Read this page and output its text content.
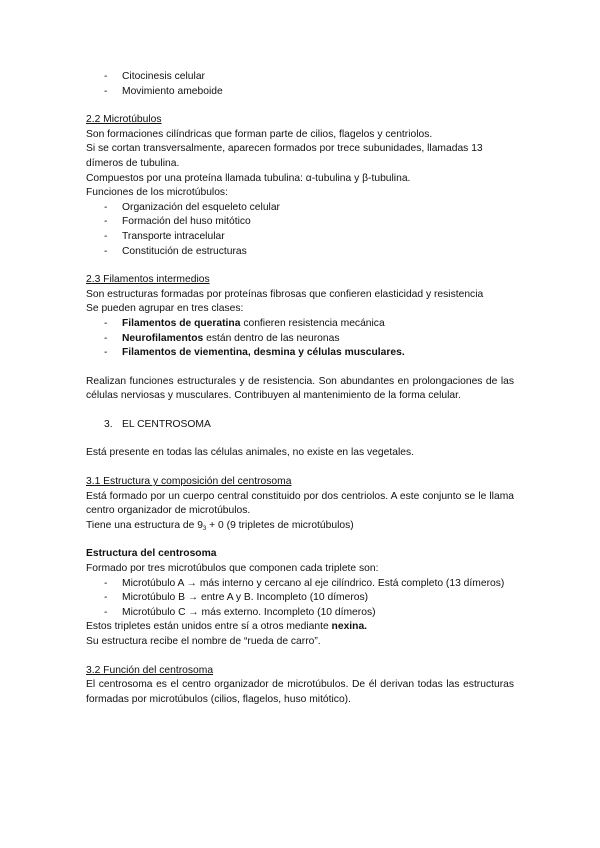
- Citocinesis celular
- Movimiento ameboide

2.2 Microtúbulos

Son formaciones cilíndricas que forman parte de cilios, flagelos y centriolos.

Si se cortan transversalmente, aparecen formados por trece subunidades, llamadas 13 dímeros de tubulina.

Compuestos por una proteína llamada tubulina: α-tubulina y β-tubulina.

Funciones de los microtúbulos:

- Organización del esqueleto celular
- Formación del huso mitótico
- Transporte intracelular
- Constitución de estructuras

2.3 Filamentos intermedios

Son estructuras formadas por proteínas fibrosas que confieren elasticidad y resistencia

Se pueden agrupar en tres clases:

- Filamentos de queratina confieren resistencia mecánica
- Neurofilamentos están dentro de las neuronas
- Filamentos de viementina, desmina y células musculares.

Realizan funciones estructurales y de resistencia. Son abundantes en prolongaciones de las células nerviosas y musculares. Contribuyen al mantenimiento de la forma celular.

3. EL CENTROSOMA

Está presente en todas las células animales, no existe en las vegetales.

3.1 Estructura y composición del centrosoma

Está formado por un cuerpo central constituido por dos centriolos. A este conjunto se le llama centro organizador de microtúbulos.

Tiene una estructura de $9_3 + 0$ (9 tripletes de microtúbulos)

Estructura del centrosoma

Formado por tres microtúbulos que componen cada triplete son:

- Microtúbulo A → más interno y cercano al eje cilíndrico. Está completo (13 dímeros)
- Microtúbulo B → entre A y B. Incompleto (10 dímeros)
- Microtúbulo C → más externo. Incompleto (10 dímeros)

Estos tripletes están unidos entre sí a otros mediante nexina.

Su estructura recibe el nombre de “rueda de carro”.

3.2 Función del centrosoma

El centrosoma es el centro organizador de microtúbulos. De él derivan todas las estructuras formadas por microtúbulos (cilios, flagelos, huso mitótico).
